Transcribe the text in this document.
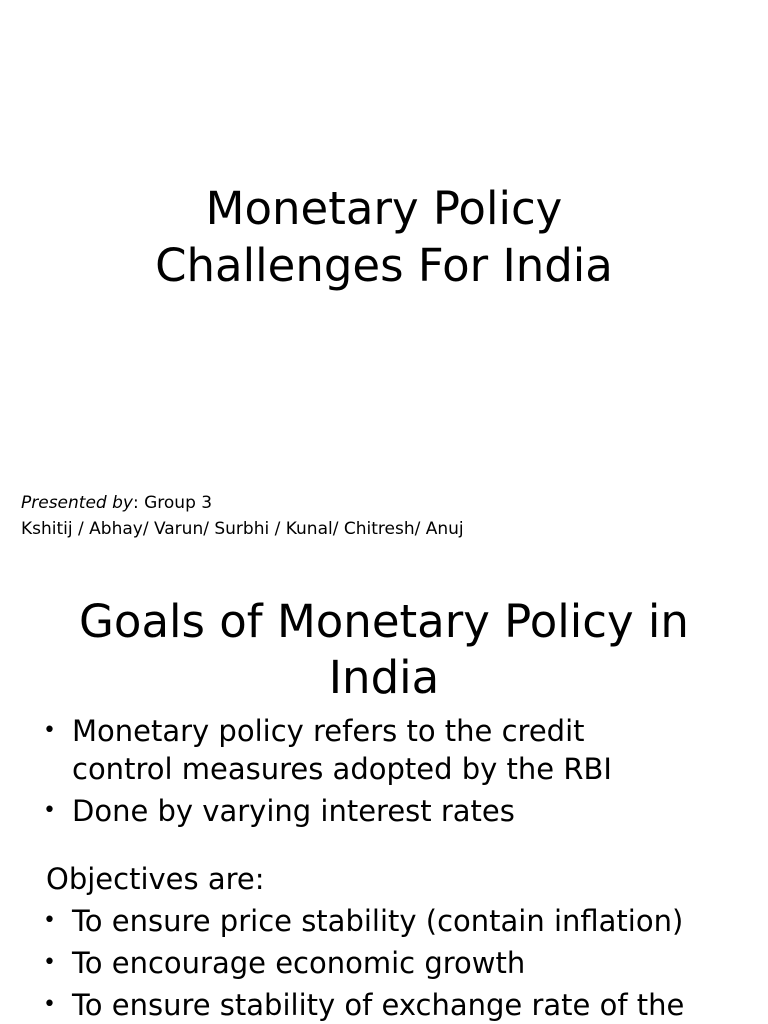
Monetary Policy
Challenges For India
Presented by: Group 3
Kshitij / Abhay/ Varun/ Surbhi / Kunal/ Chitresh/ Anuj
Goals of Monetary Policy in
India
• Monetary policy refers to the credit
control measures adopted by the RBI
• Done by varying interest rates
Objectives are:
• To ensure price stability (contain inflation)
• To encourage economic growth
• To ensure stability of exchange rate of the
